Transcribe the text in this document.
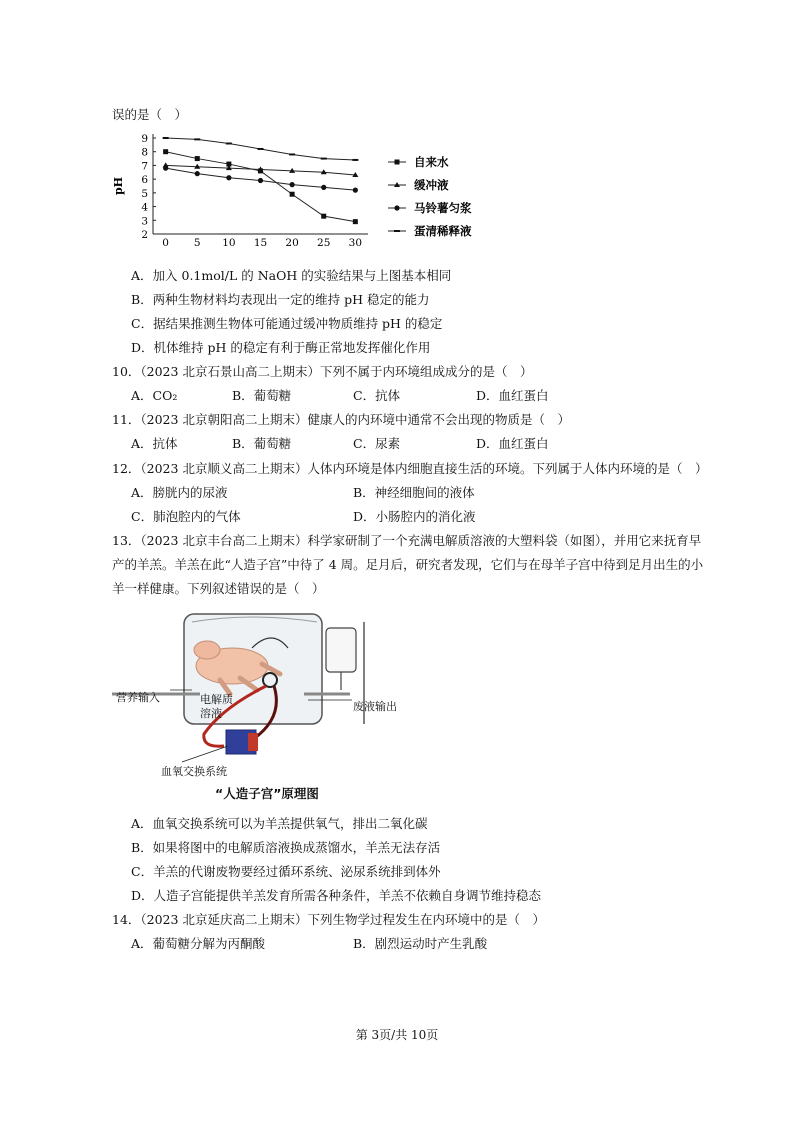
误的是（　）
2
3
4
5
6
7
8
9
0 5 10 15 20 25 30
pH
自来水
缓冲液
马铃薯匀浆
蛋清稀释液
A．加入 0.1mol/L 的 NaOH 的实验结果与上图基本相同
B．两种生物材料均表现出一定的维持 pH 稳定的能力
C．据结果推测生物体可能通过缓冲物质维持 pH 的稳定
D．机体维持 pH 的稳定有利于酶正常地发挥催化作用
10．（2023 北京石景山高二上期末）下列不属于内环境组成成分的是（　）
A．CO₂	B．葡萄糖	C．抗体	D．血红蛋白
11．（2023 北京朝阳高二上期末）健康人的内环境中通常不会出现的物质是（　）
A．抗体	B．葡萄糖	C．尿素	D．血红蛋白
12．（2023 北京顺义高二上期末）人体内环境是体内细胞直接生活的环境。下列属于人体内环境的是（　）
A．膀胱内的尿液	B．神经细胞间的液体
C．肺泡腔内的气体	D．小肠腔内的消化液
13．（2023 北京丰台高二上期末）科学家研制了一个充满电解质溶液的大塑料袋（如图），并用它来抚育早
产的羊羔。羊羔在此“人造子宫”中待了 4 周。足月后，研究者发现，它们与在母羊子宫中待到足月出生的小
羊一样健康。下列叙述错误的是（　）
营养输入	电解质溶液
废液输出
血氧交换系统
“人造子宫”原理图
A．血氧交换系统可以为羊羔提供氧气，排出二氧化碳
B．如果将图中的电解质溶液换成蒸馏水，羊羔无法存活
C．羊羔的代谢废物要经过循环系统、泌尿系统排到体外
D．人造子宫能提供羊羔发育所需各种条件，羊羔不依赖自身调节维持稳态
14．（2023 北京延庆高二上期末）下列生物学过程发生在内环境中的是（　）
A．葡萄糖分解为丙酮酸	B．剧烈运动时产生乳酸
第 3页/共 10页
